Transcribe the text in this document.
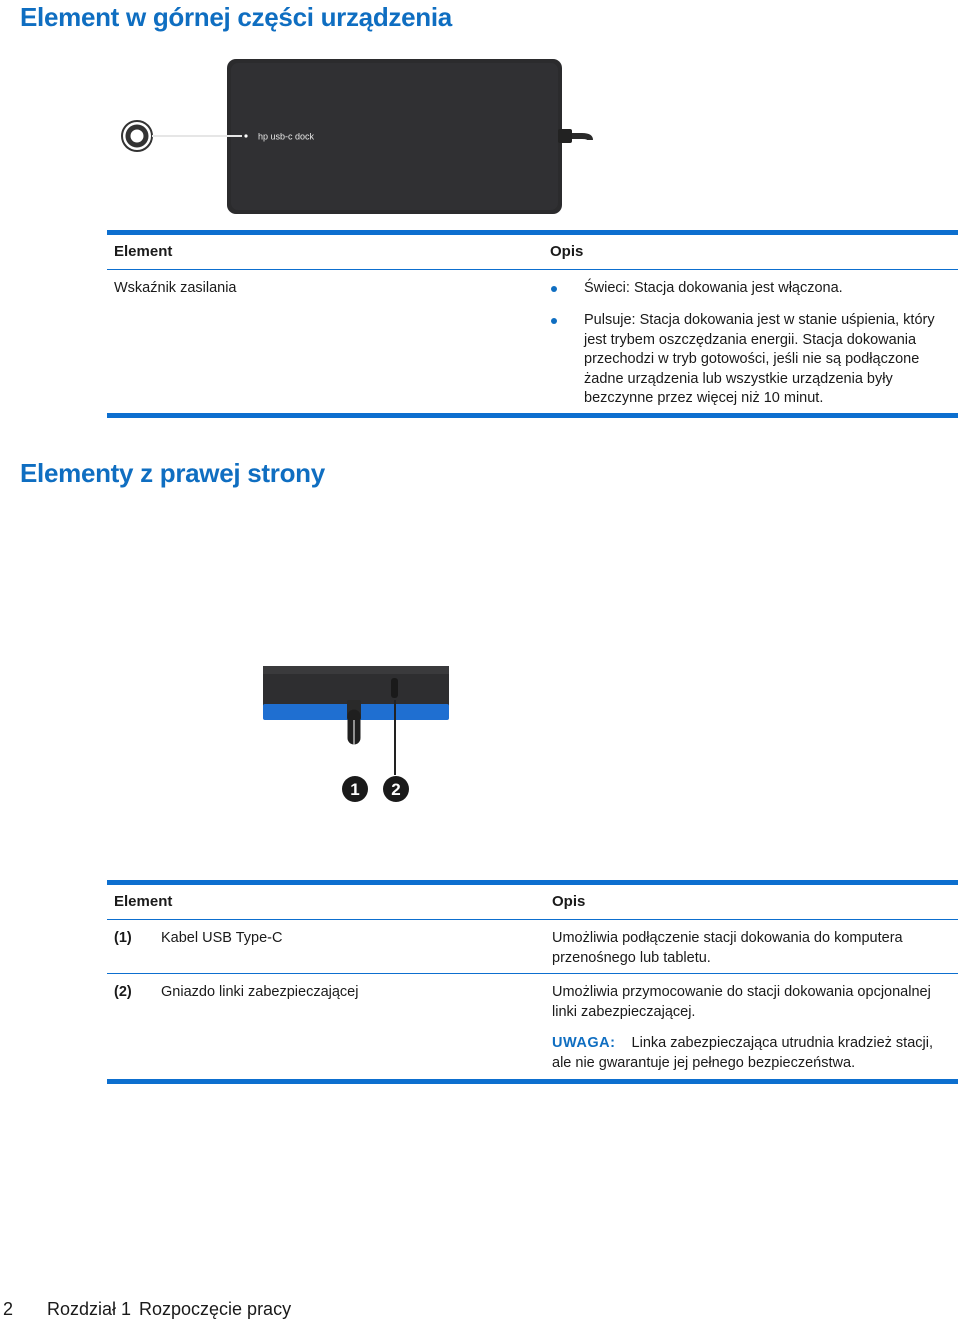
Element w górnej części urządzenia
hp usb-c dock
Element	Opis
Wskaźnik zasilania	Świeci: Stacja dokowania jest włączona.
Pulsuje: Stacja dokowania jest w stanie uśpienia, który jest trybem oszczędzania energii. Stacja dokowania przechodzi w tryb gotowości, jeśli nie są podłączone żadne urządzenia lub wszystkie urządzenia były bezczynne przez więcej niż 10 minut.
Elementy z prawej strony
1 2
Element	Opis
(1) Kabel USB Type-C	Umożliwia podłączenie stacji dokowania do komputera przenośnego lub tabletu.
(2) Gniazdo linki zabezpieczającej	Umożliwia przymocowanie do stacji dokowania opcjonalnej linki zabezpieczającej.
UWAGA: Linka zabezpieczająca utrudnia kradzież stacji, ale nie gwarantuje jej pełnego bezpieczeństwa.
2 Rozdział 1 Rozpoczęcie pracy
